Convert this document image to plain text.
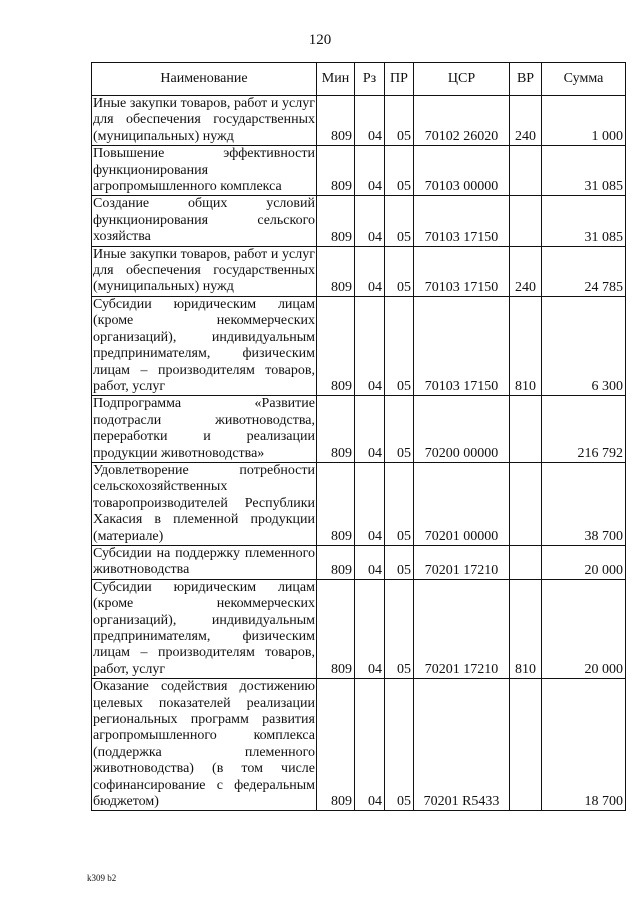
120
Наименование	Мин	Рз	ПР	ЦСР	ВР	Сумма
Иные закупки товаров, работ и услуг для обеспечения государственных (муниципальных) нужд	809	04	05	70102 26020	240	1 000
Повышение эффективности функционирования агропромышленного комплекса	809	04	05	70103 00000		31 085
Создание общих условий функционирования сельского хозяйства	809	04	05	70103 17150		31 085
Иные закупки товаров, работ и услуг для обеспечения государственных (муниципальных) нужд	809	04	05	70103 17150	240	24 785
Субсидии юридическим лицам (кроме некоммерческих организаций), индивидуальным предпринимателям, физическим лицам – производителям товаров, работ, услуг	809	04	05	70103 17150	810	6 300
Подпрограмма «Развитие подотрасли животноводства, переработки и реализации продукции животноводства»	809	04	05	70200 00000		216 792
Удовлетворение потребности сельскохозяйственных товаропроизводителей Республики Хакасия в племенной продукции (материале)	809	04	05	70201 00000		38 700
Субсидии на поддержку племенного животноводства	809	04	05	70201 17210		20 000
Субсидии юридическим лицам (кроме некоммерческих организаций), индивидуальным предпринимателям, физическим лицам – производителям товаров, работ, услуг	809	04	05	70201 17210	810	20 000
Оказание содействия достижению целевых показателей реализации региональных программ развития агропромышленного комплекса (поддержка племенного животноводства) (в том числе софинансирование с федеральным бюджетом)	809	04	05	70201 R5433		18 700
k309 b2
